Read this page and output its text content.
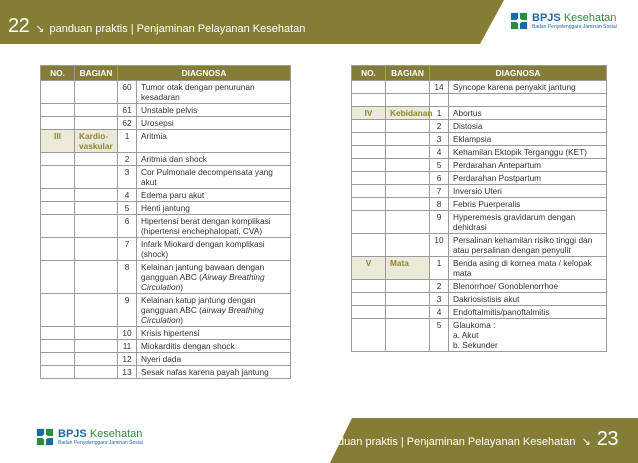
22 ↘ panduan praktis | Penjaminan Pelayanan Kesehatan
BPJS Kesehatan
Badan Penyelenggara Jaminan Sosial
NO.	BAGIAN	DIAGNOSA	
		60	Tumor otak dengan penurunan kesadaran
		61	Unstable pelvis
		62	Urosepsi
III	Kardio-vaskular	1	Aritmia
		2	Aritmia dan shock
		3	Cor Pulmonale decompensata yang akut
		4	Edema paru akut
		5	Henti jantung
		6	Hipertensi berat dengan komplikasi (hipertensi enchephalopati, CVA)
		7	Infark Miokard dengan komplikasi (shock)
		8	Kelainan jantung bawaan dengan gangguan ABC (Airway Breathing Circulation)
		9	Kelainan katup jantung dengan gangguan ABC (airway Breathing Circulation)
		10	Krisis hipertensi
		11	Miokarditis dengan shock
		12	Nyeri dada
		13	Sesak nafas karena payah jantung
NO.	BAGIAN	DIAGNOSA	
		14	Syncope karena penyakit jantung

IV	Kebidanan	1	Abortus
		2	Distosia
		3	Eklampsia
		4	Kehamilan Ektopik Terganggu (KET)
		5	Perdarahan Antepartum
		6	Perdarahan Postpartum
		7	Inversio Uteri
		8	Febris Puerperalis
		9	Hyperemesis gravidarum dengan dehidrasi
		10	Persalinan kehamilan risiko tinggi dan atau persalinan dengan penyulit
V	Mata	1	Benda asing di kornea mata / kelopak mata
		2	Blenorrhoe/ Gonoblenorrhoe
		3	Dakriosistisis akut
		4	Endoftalmitis/panoftalmitis
		5	Glaukoma :
a. Akut
b. Sekunder
panduan praktis | Penjaminan Pelayanan Kesehatan ↘ 23
BPJS Kesehatan
Badan Penyelenggara Jaminan Sosial
